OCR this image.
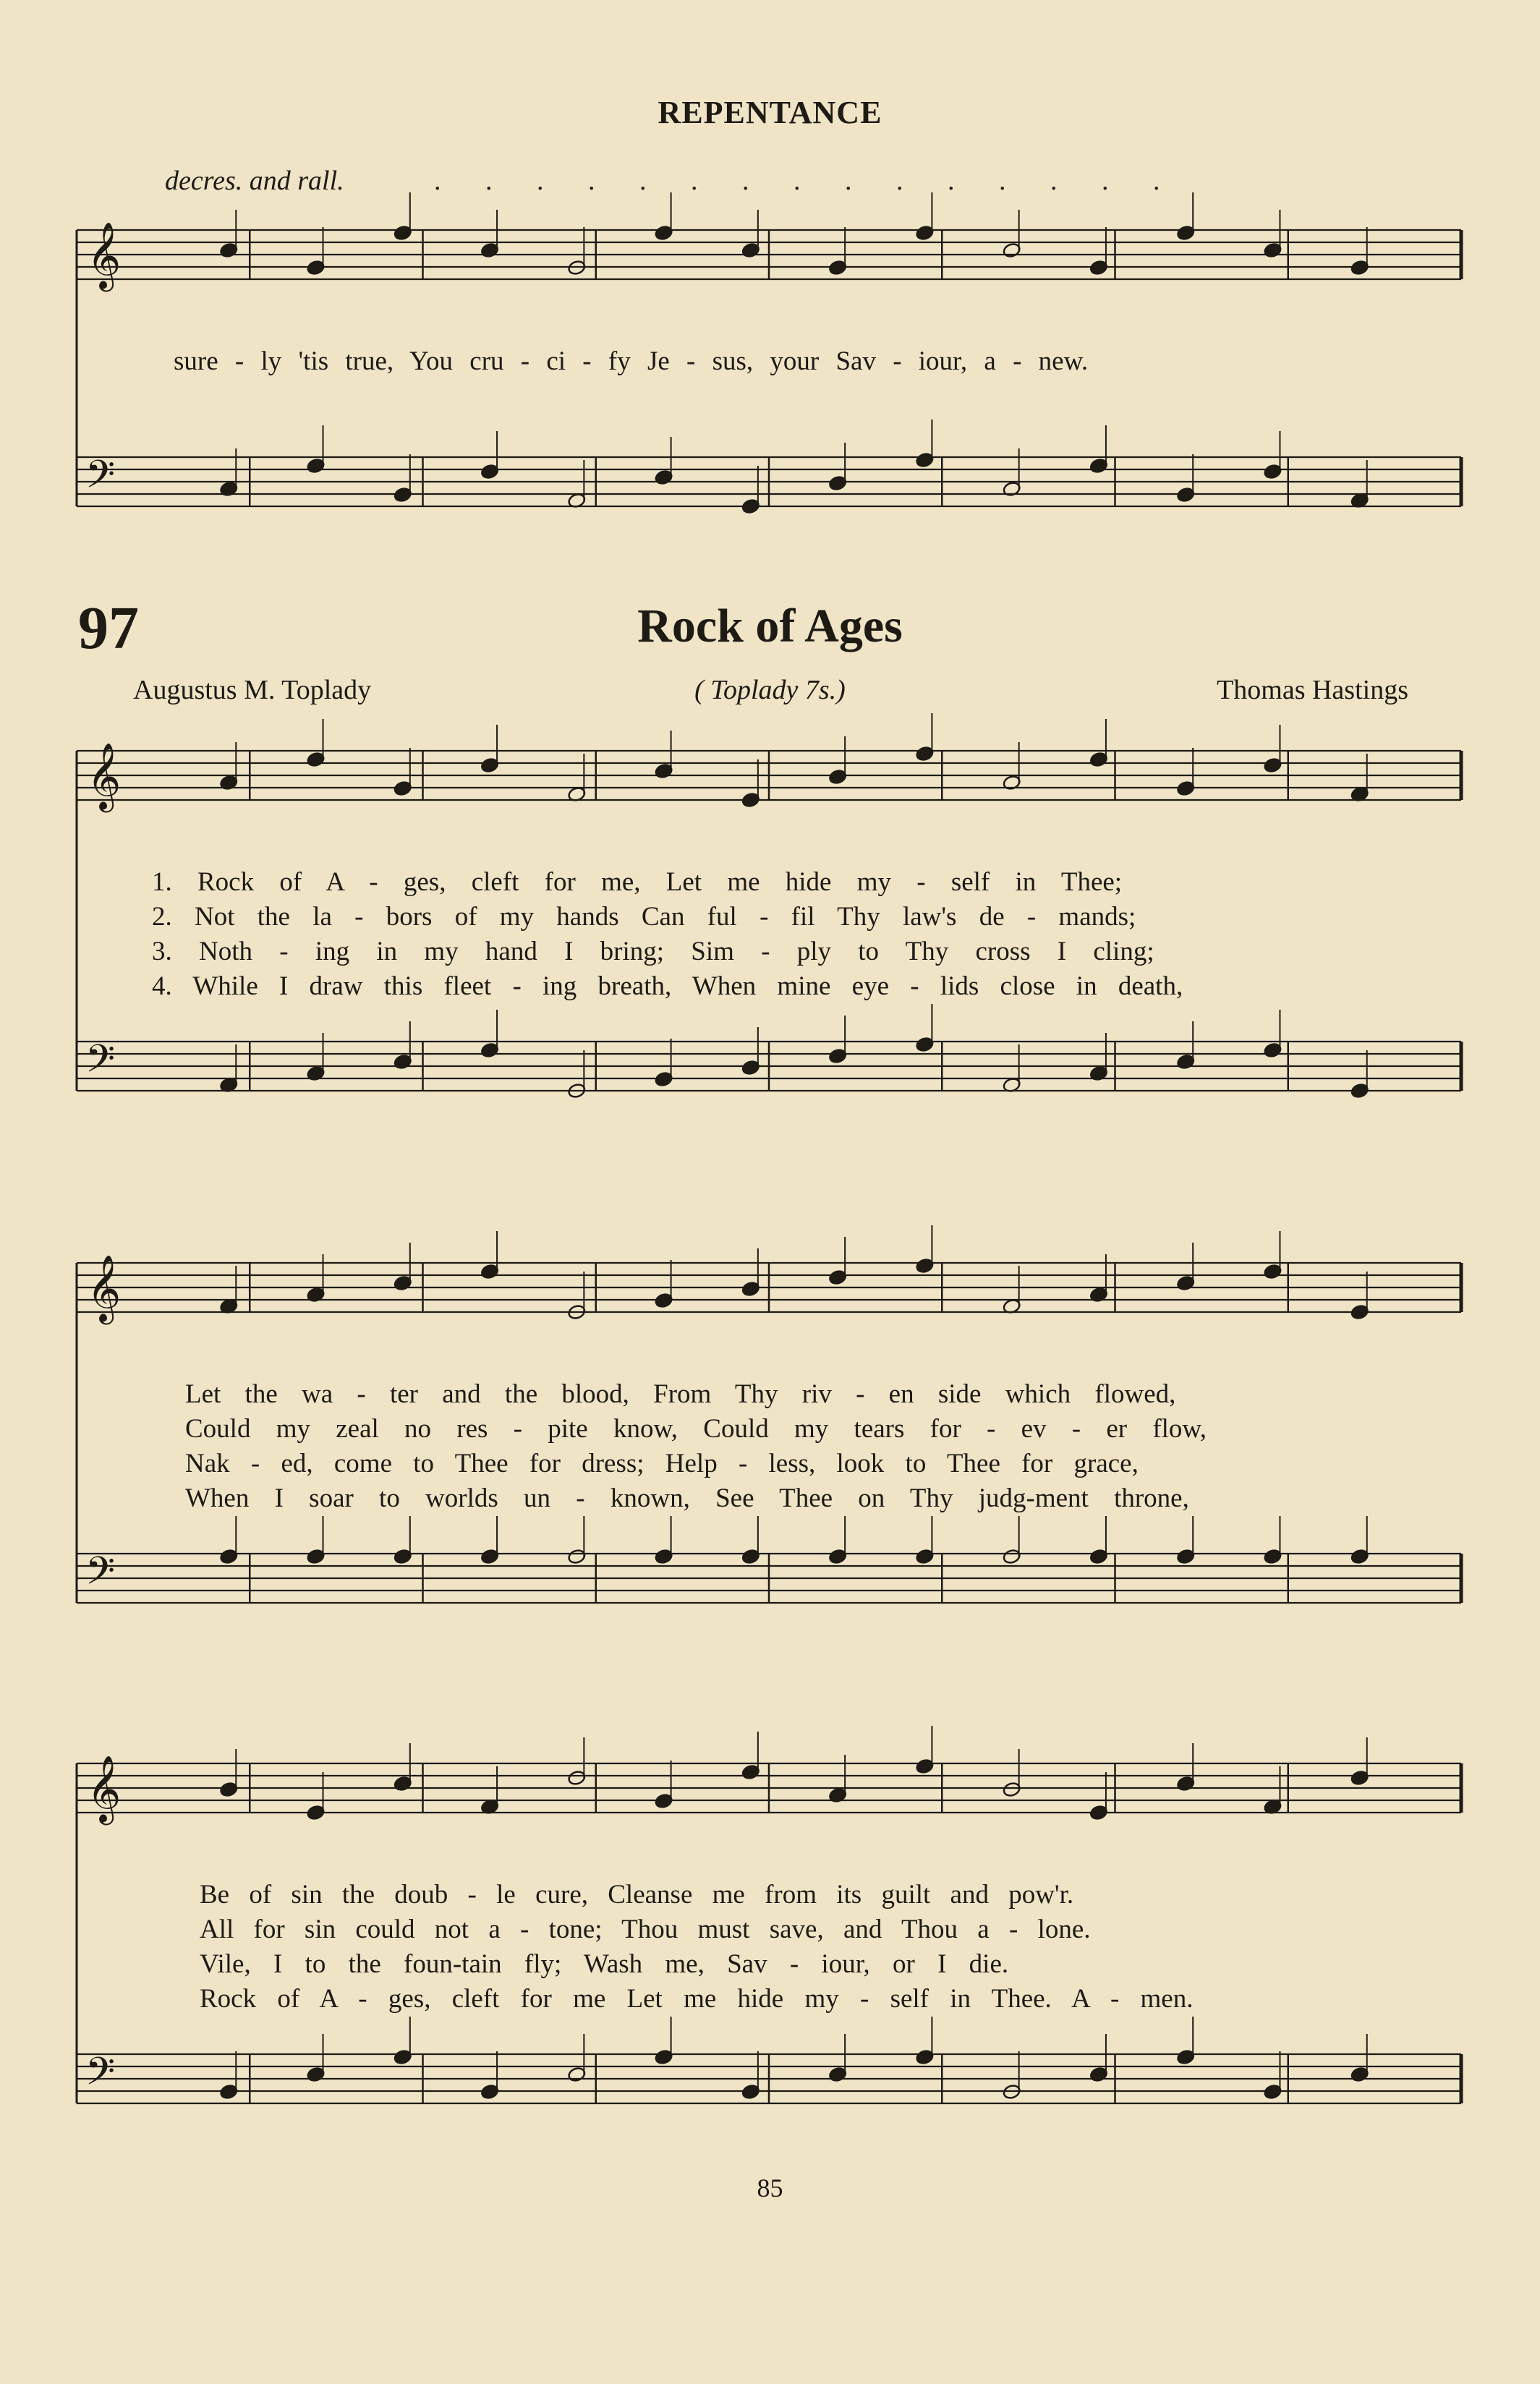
REPENTANCE
decres. and rall.	. . . . . . . . . . . . . . .
𝄞
𝄢
𝄞
𝄢
𝄞
𝄢
𝄞
𝄢
sure - ly 'tis true, You cru - ci - fy Je - sus, your Sav - iour, a - new.
97	Rock of Ages
Augustus M. Toplady	( Toplady 7s.)	Thomas Hastings
1. Rock of A - ges, cleft for me, Let me hide my - self in Thee;
2. Not the la - bors of my hands Can ful - fil Thy law's de - mands;
3. Noth - ing in my hand I bring; Sim - ply to Thy cross I cling;
4. While I draw this fleet - ing breath, When mine eye - lids close in death,
Let the wa - ter and the blood, From Thy riv - en side which flowed,
Could my zeal no res - pite know, Could my tears for - ev - er flow,
Nak - ed, come to Thee for dress; Help - less, look to Thee for grace,
When I soar to worlds un - known, See Thee on Thy judg-ment throne,
Be of sin the doub - le cure, Cleanse me from its guilt and pow'r.
All for sin could not a - tone; Thou must save, and Thou a - lone.
Vile, I to the foun-tain fly; Wash me, Sav - iour, or I die.
Rock of A - ges, cleft for me Let me hide my - self in Thee. A - men.
85
